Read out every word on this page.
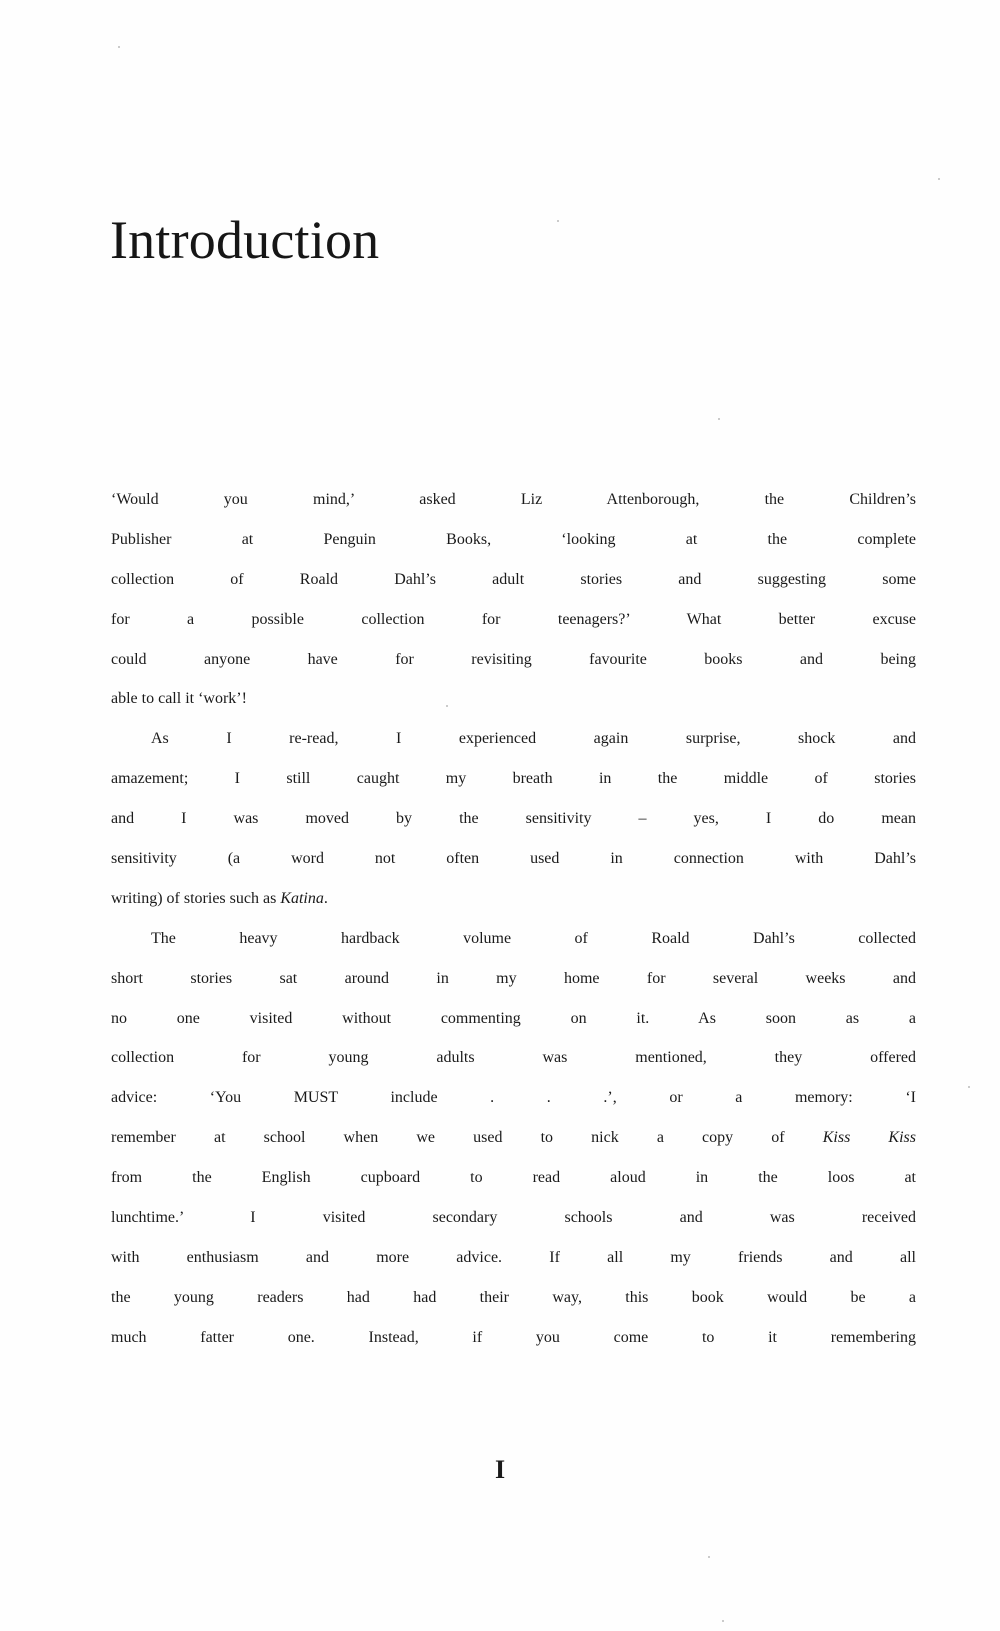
Introduction
‘Would you mind,’ asked Liz Attenborough, the Children’s
Publisher at Penguin Books, ‘looking at the complete
collection of Roald Dahl’s adult stories and suggesting some
for a possible collection for teenagers?’ What better excuse
could anyone have for revisiting favourite books and being
able to call it ‘work’!
As I re-read, I experienced again surprise, shock and
amazement; I still caught my breath in the middle of stories
and I was moved by the sensitivity – yes, I do mean
sensitivity (a word not often used in connection with Dahl’s
writing) of stories such as Katina.
The heavy hardback volume of Roald Dahl’s collected
short stories sat around in my home for several weeks and
no one visited without commenting on it. As soon as a
collection for young adults was mentioned, they offered
advice: ‘You MUST include . . .’, or a memory: ‘I
remember at school when we used to nick a copy of Kiss Kiss
from the English cupboard to read aloud in the loos at
lunchtime.’ I visited secondary schools and was received
with enthusiasm and more advice. If all my friends and all
the young readers had had their way, this book would be a
much fatter one. Instead, if you come to it remembering
I
